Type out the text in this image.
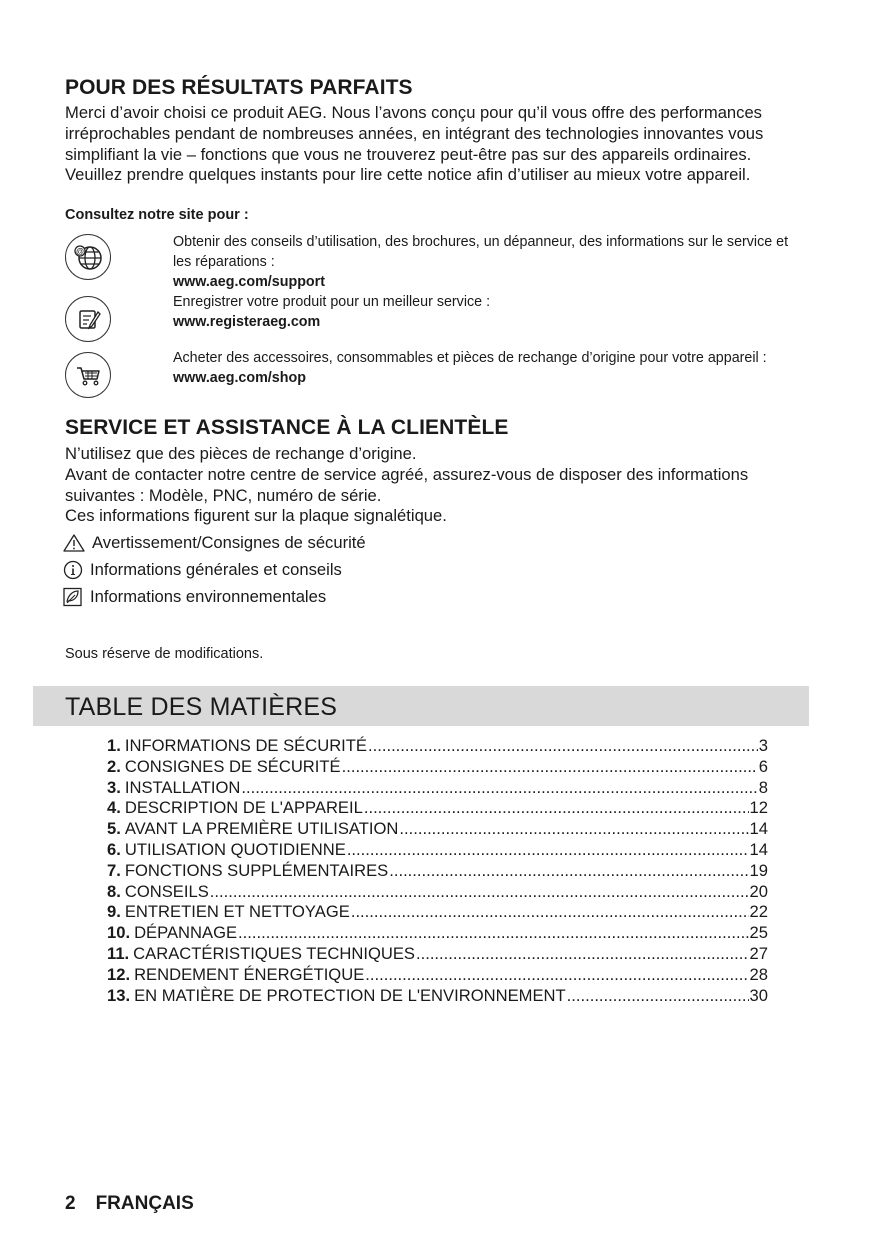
POUR DES RÉSULTATS PARFAITS

Merci d’avoir choisi ce produit AEG. Nous l’avons conçu pour qu’il vous offre des performances irréprochables pendant de nombreuses années, en intégrant des technologies innovantes vous simplifiant la vie – fonctions que vous ne trouverez peut-être pas sur des appareils ordinaires. Veuillez prendre quelques instants pour lire cette notice afin d’utiliser au mieux votre appareil.

Consultez notre site pour :

@
Obtenir des conseils d’utilisation, des brochures, un dépanneur, des informations sur le service et les réparations :
www.aeg.com/support
Enregistrer votre produit pour un meilleur service :
www.registeraeg.com
Acheter des accessoires, consommables et pièces de rechange d’origine pour votre appareil :
www.aeg.com/shop
SERVICE ET ASSISTANCE À LA CLIENTÈLE

N’utilisez que des pièces de rechange d’origine.

Avant de contacter notre centre de service agréé, assurez-vous de disposer des informations suivantes : Modèle, PNC, numéro de série.

Ces informations figurent sur la plaque signalétique.

Avertissement/Consignes de sécurité
Informations générales et conseils
Informations environnementales

Sous réserve de modifications.

TABLE DES MATIÈRES
1. INFORMATIONS DE SÉCURITÉ .....	3
2. CONSIGNES DE SÉCURITÉ .....	6
3. INSTALLATION .....	8
4. DESCRIPTION DE L'APPAREIL .....	12
5. AVANT LA PREMIÈRE UTILISATION .....	14
6. UTILISATION QUOTIDIENNE .....	14
7. FONCTIONS SUPPLÉMENTAIRES .....	19
8. CONSEILS .....	20
9. ENTRETIEN ET NETTOYAGE .....	22
10. DÉPANNAGE .....	25
11. CARACTÉRISTIQUES TECHNIQUES .....	27
12. RENDEMENT ÉNERGÉTIQUE .....	28
13. EN MATIÈRE DE PROTECTION DE L'ENVIRONNEMENT .....	30
2 FRANÇAIS
